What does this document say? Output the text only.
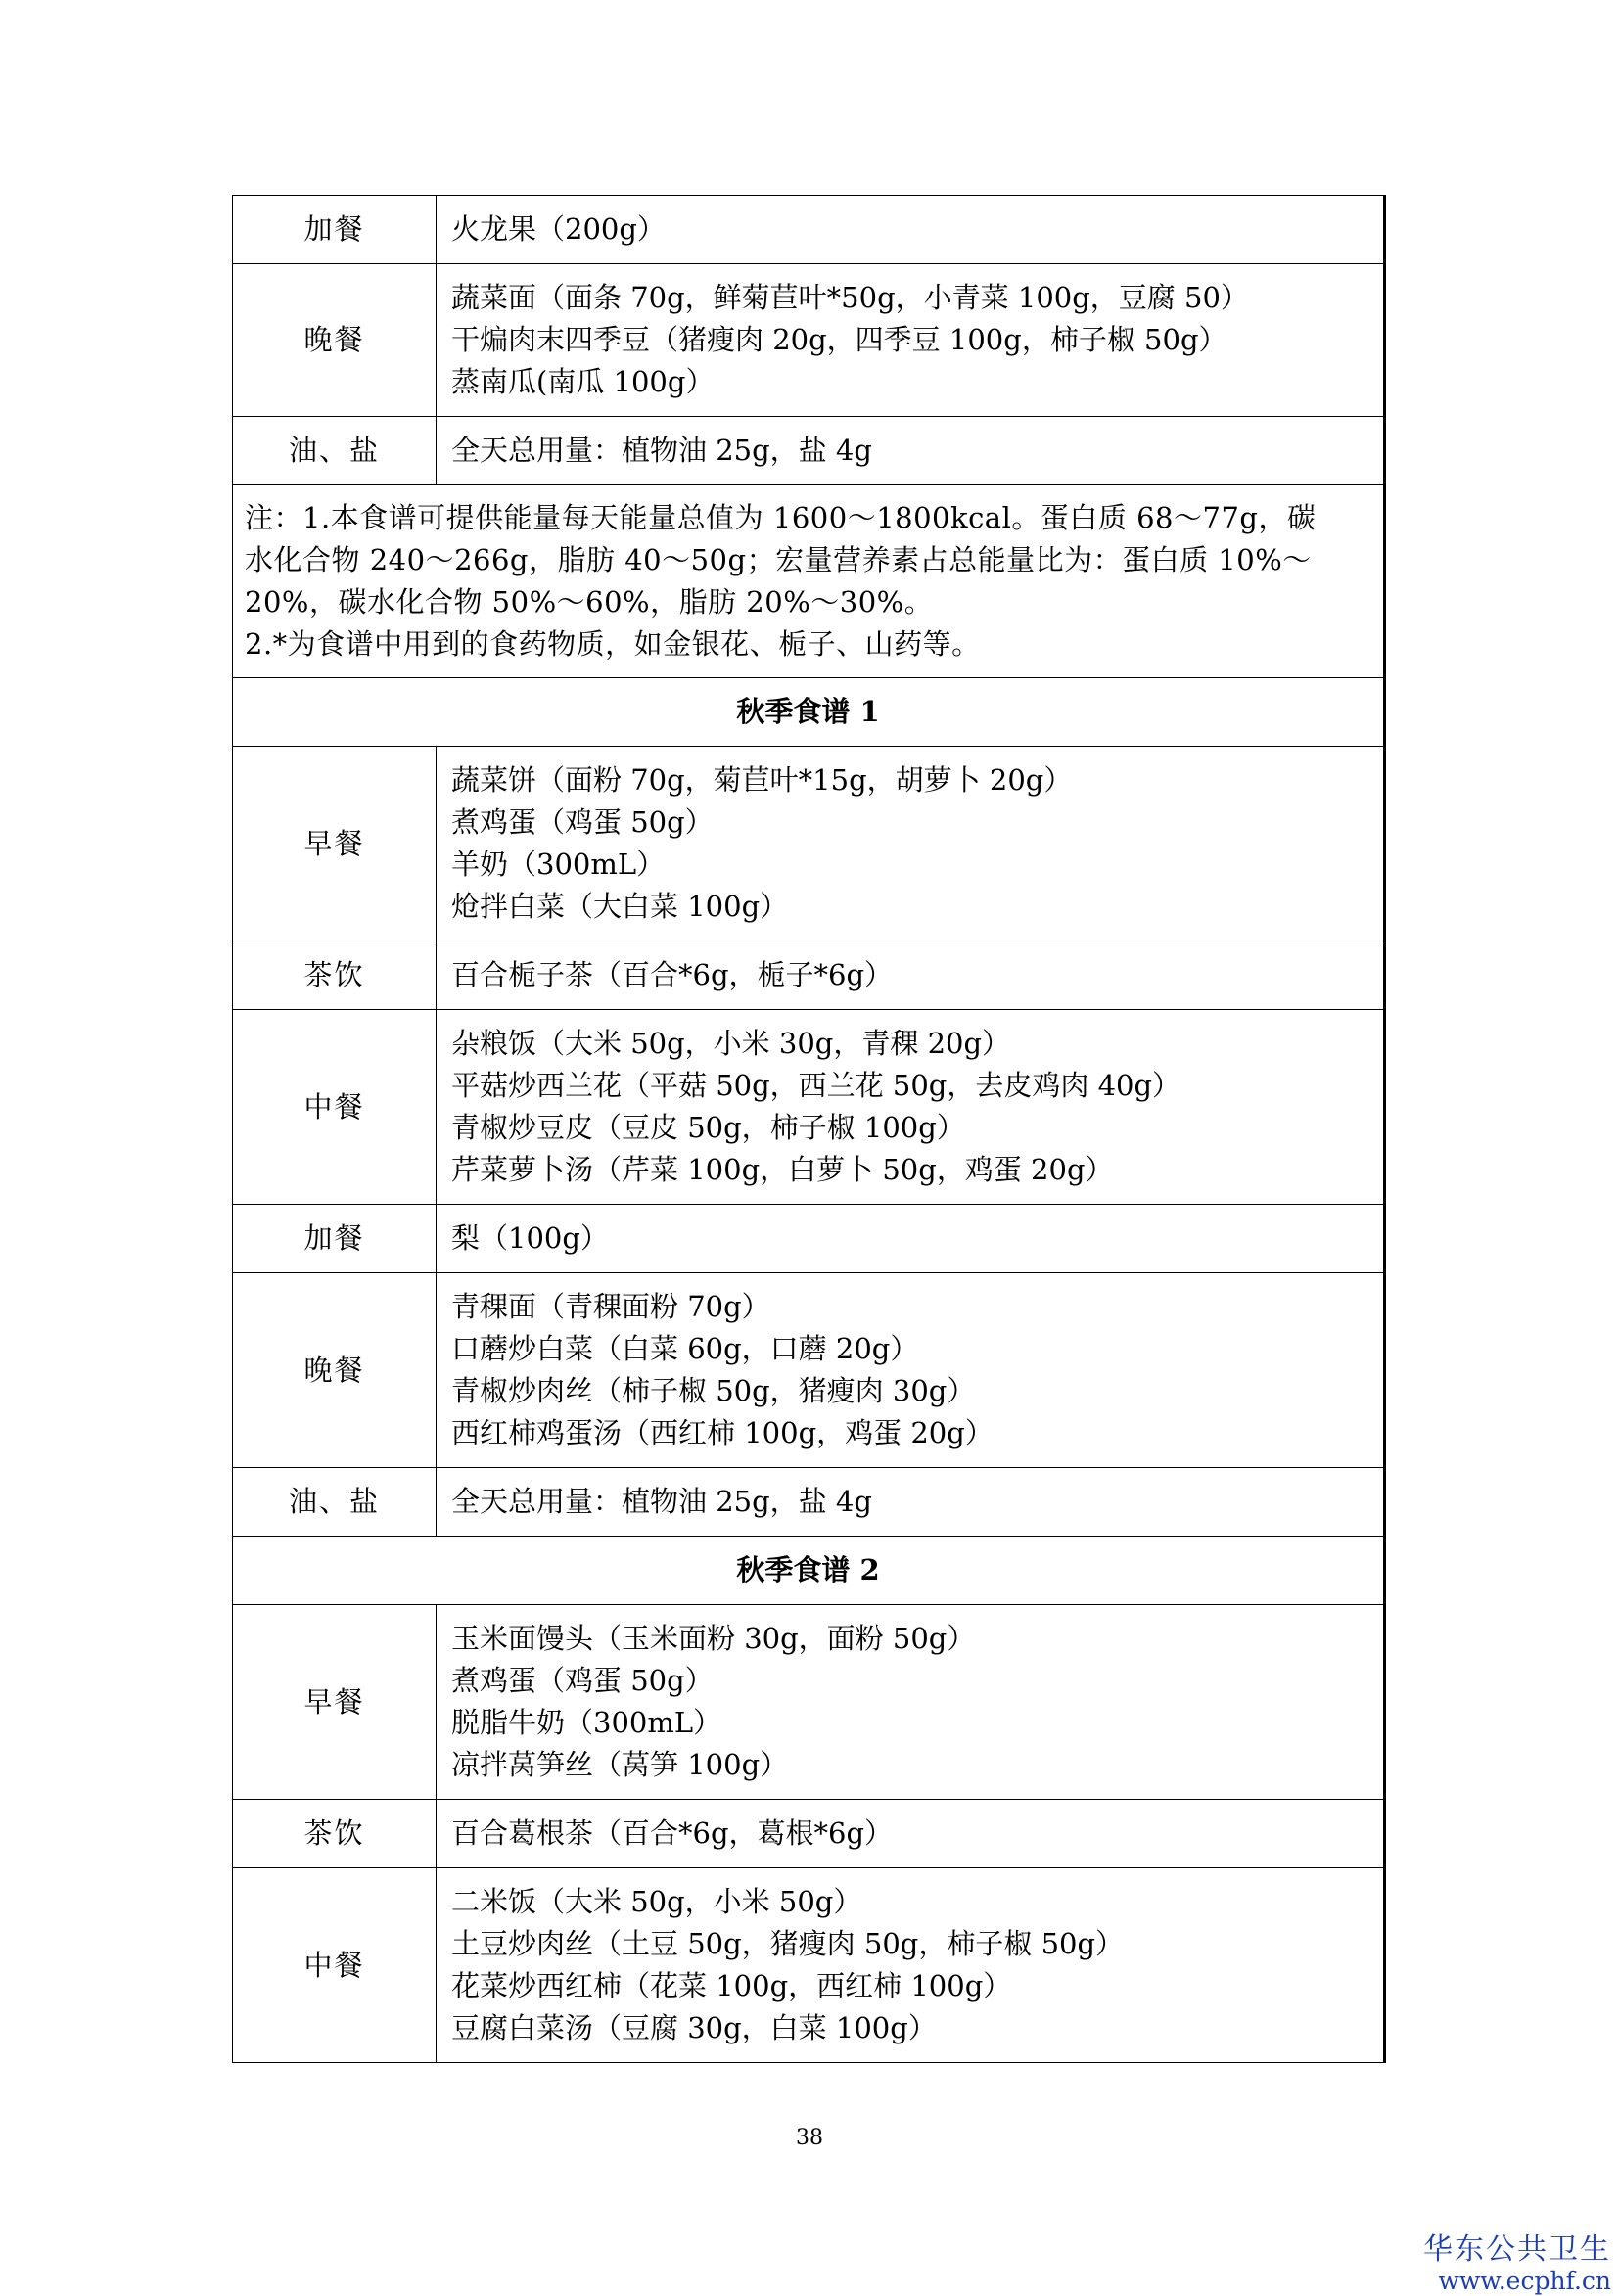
加餐	火龙果（200g）

晚餐	蔬菜面（面条 70g，鲜菊苣叶*50g，小青菜 100g，豆腐 50）
干煸肉末四季豆（猪瘦肉 20g，四季豆 100g，柿子椒 50g）
蒸南瓜(南瓜 100g）

油、盐	全天总用量：植物油 25g，盐 4g

注：1.本食谱可提供能量每天能量总值为 1600～1800kcal。蛋白质 68～77g，碳
水化合物 240～266g，脂肪 40～50g；宏量营养素占总能量比为：蛋白质 10%～
20%，碳水化合物 50%～60%，脂肪 20%～30%。
2.*为食谱中用到的食药物质，如金银花、栀子、山药等。	

秋季食谱 1	
早餐	蔬菜饼（面粉 70g，菊苣叶*15g，胡萝卜 20g）
煮鸡蛋（鸡蛋 50g）
羊奶（300mL）
炝拌白菜（大白菜 100g）

茶饮	百合栀子茶（百合*6g，栀子*6g）

中餐	杂粮饭（大米 50g，小米 30g，青稞 20g）
平菇炒西兰花（平菇 50g，西兰花 50g，去皮鸡肉 40g）
青椒炒豆皮（豆皮 50g，柿子椒 100g）
芹菜萝卜汤（芹菜 100g，白萝卜 50g，鸡蛋 20g）

加餐	梨（100g）

晚餐	青稞面（青稞面粉 70g）
口蘑炒白菜（白菜 60g，口蘑 20g）
青椒炒肉丝（柿子椒 50g，猪瘦肉 30g）
西红柿鸡蛋汤（西红柿 100g，鸡蛋 20g）

油、盐	全天总用量：植物油 25g，盐 4g

秋季食谱 2	
早餐	玉米面馒头（玉米面粉 30g，面粉 50g）
煮鸡蛋（鸡蛋 50g）
脱脂牛奶（300mL）
凉拌莴笋丝（莴笋 100g）

茶饮	百合葛根茶（百合*6g，葛根*6g）

中餐	二米饭（大米 50g，小米 50g）
土豆炒肉丝（土豆 50g，猪瘦肉 50g，柿子椒 50g）
花菜炒西红柿（花菜 100g，西红柿 100g）
豆腐白菜汤（豆腐 30g，白菜 100g）
38
华东公共卫生
www.ecphf.cn
